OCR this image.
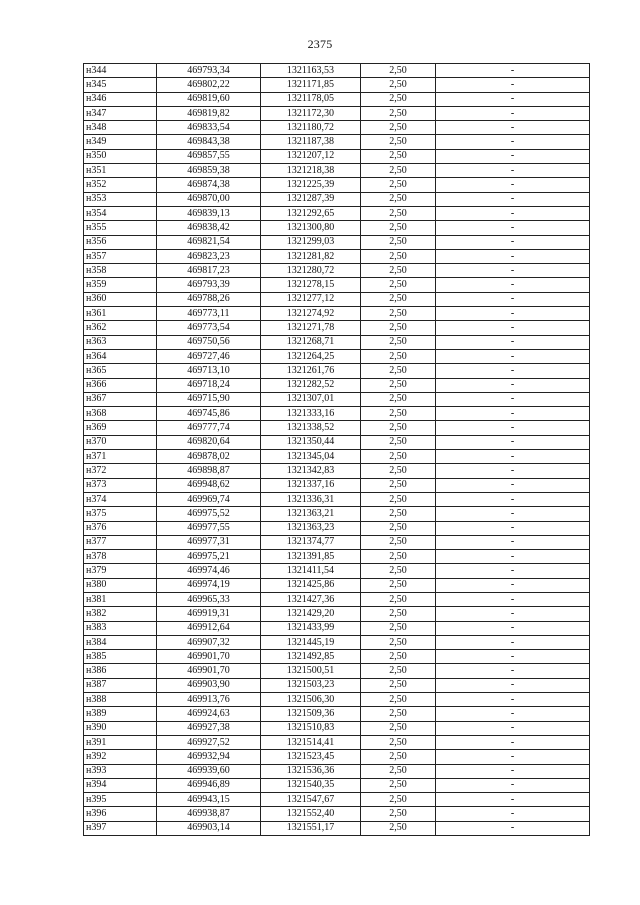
2375
н344	469793,34	1321163,53	2,50	-
н345	469802,22	1321171,85	2,50	-
н346	469819,60	1321178,05	2,50	-
н347	469819,82	1321172,30	2,50	-
н348	469833,54	1321180,72	2,50	-
н349	469843,38	1321187,38	2,50	-
н350	469857,55	1321207,12	2,50	-
н351	469859,38	1321218,38	2,50	-
н352	469874,38	1321225,39	2,50	-
н353	469870,00	1321287,39	2,50	-
н354	469839,13	1321292,65	2,50	-
н355	469838,42	1321300,80	2,50	-
н356	469821,54	1321299,03	2,50	-
н357	469823,23	1321281,82	2,50	-
н358	469817,23	1321280,72	2,50	-
н359	469793,39	1321278,15	2,50	-
н360	469788,26	1321277,12	2,50	-
н361	469773,11	1321274,92	2,50	-
н362	469773,54	1321271,78	2,50	-
н363	469750,56	1321268,71	2,50	-
н364	469727,46	1321264,25	2,50	-
н365	469713,10	1321261,76	2,50	-
н366	469718,24	1321282,52	2,50	-
н367	469715,90	1321307,01	2,50	-
н368	469745,86	1321333,16	2,50	-
н369	469777,74	1321338,52	2,50	-
н370	469820,64	1321350,44	2,50	-
н371	469878,02	1321345,04	2,50	-
н372	469898,87	1321342,83	2,50	-
н373	469948,62	1321337,16	2,50	-
н374	469969,74	1321336,31	2,50	-
н375	469975,52	1321363,21	2,50	-
н376	469977,55	1321363,23	2,50	-
н377	469977,31	1321374,77	2,50	-
н378	469975,21	1321391,85	2,50	-
н379	469974,46	1321411,54	2,50	-
н380	469974,19	1321425,86	2,50	-
н381	469965,33	1321427,36	2,50	-
н382	469919,31	1321429,20	2,50	-
н383	469912,64	1321433,99	2,50	-
н384	469907,32	1321445,19	2,50	-
н385	469901,70	1321492,85	2,50	-
н386	469901,70	1321500,51	2,50	-
н387	469903,90	1321503,23	2,50	-
н388	469913,76	1321506,30	2,50	-
н389	469924,63	1321509,36	2,50	-
н390	469927,38	1321510,83	2,50	-
н391	469927,52	1321514,41	2,50	-
н392	469932,94	1321523,45	2,50	-
н393	469939,60	1321536,36	2,50	-
н394	469946,89	1321540,35	2,50	-
н395	469943,15	1321547,67	2,50	-
н396	469938,87	1321552,40	2,50	-
н397	469903,14	1321551,17	2,50	-
